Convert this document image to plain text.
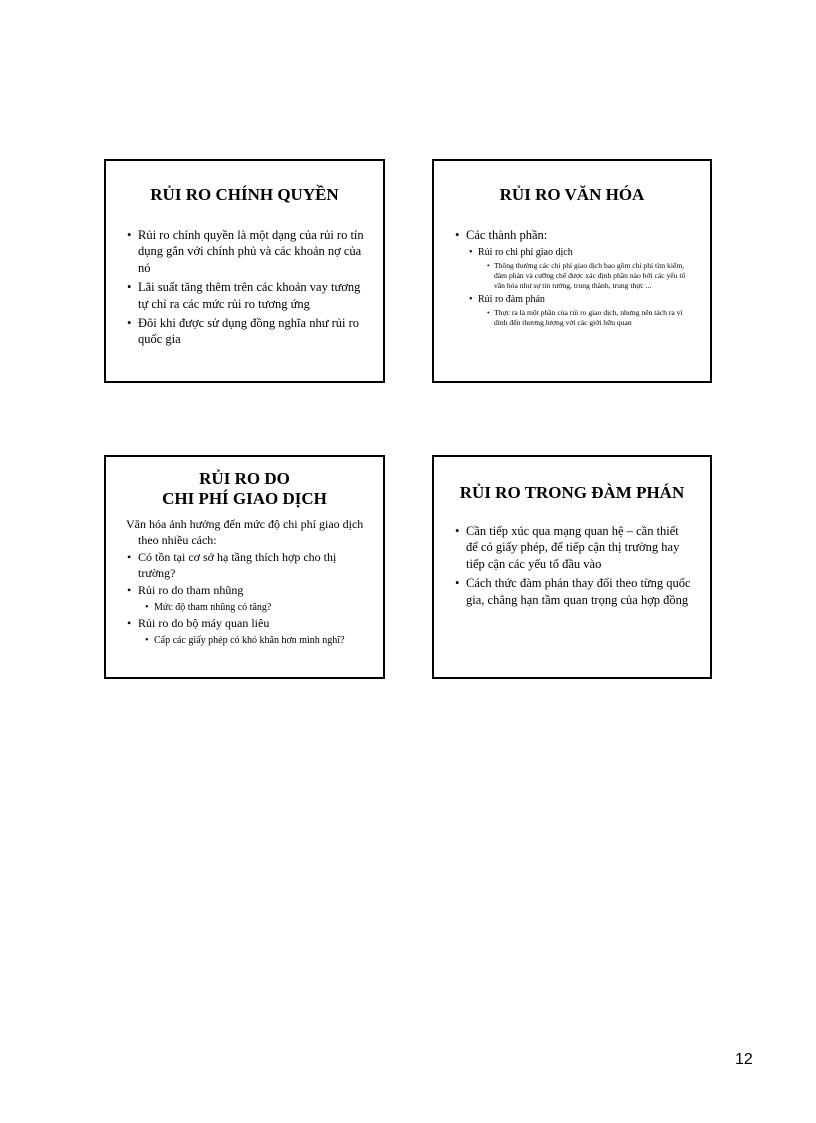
RỦI RO CHÍNH QUYỀN
• Rủi ro chính quyền là một dạng của rủi ro tín dụng gắn với chính phủ và các khoản nợ của nó
• Lãi suất tăng thêm trên các khoản vay tương tự chỉ ra các mức rủi ro tương ứng
• Đôi khi được sử dụng đồng nghĩa như rủi ro quốc gia
RỦI RO VĂN HÓA
• Các thành phần:
• Rủi ro chi phí giao dịch
• Thông thường các chi phí giao dịch bao gồm chi phí tìm kiếm, đàm phán và cưỡng chế được xác định phần nào bởi các yếu tố văn hóa như sự tin tưởng, trung thành, trung thực ...
• Rủi ro đàm phán
• Thực ra là một phần của rủi ro giao dịch, nhưng nên tách ra vì dính đến thương lượng với các giới hữu quan
RỦI RO DO
CHI PHÍ GIAO DỊCH

Văn hóa ảnh hưởng đến mức độ chi phí giao dịch theo nhiều cách:

• Có tồn tại cơ sở hạ tầng thích hợp cho thị trường?
• Rủi ro do tham nhũng
• Mức độ tham nhũng có tăng?
• Rủi ro do bộ máy quan liêu
• Cấp các giấy phép có khó khăn hơn mình nghĩ?
RỦI RO TRONG ĐÀM PHÁN
• Cần tiếp xúc qua mạng quan hệ – cần thiết để có giấy phép, để tiếp cận thị trường hay tiếp cận các yếu tố đầu vào
• Cách thức đàm phán thay đổi theo từng quốc gia, chẳng hạn tầm quan trọng của hợp đồng
12
